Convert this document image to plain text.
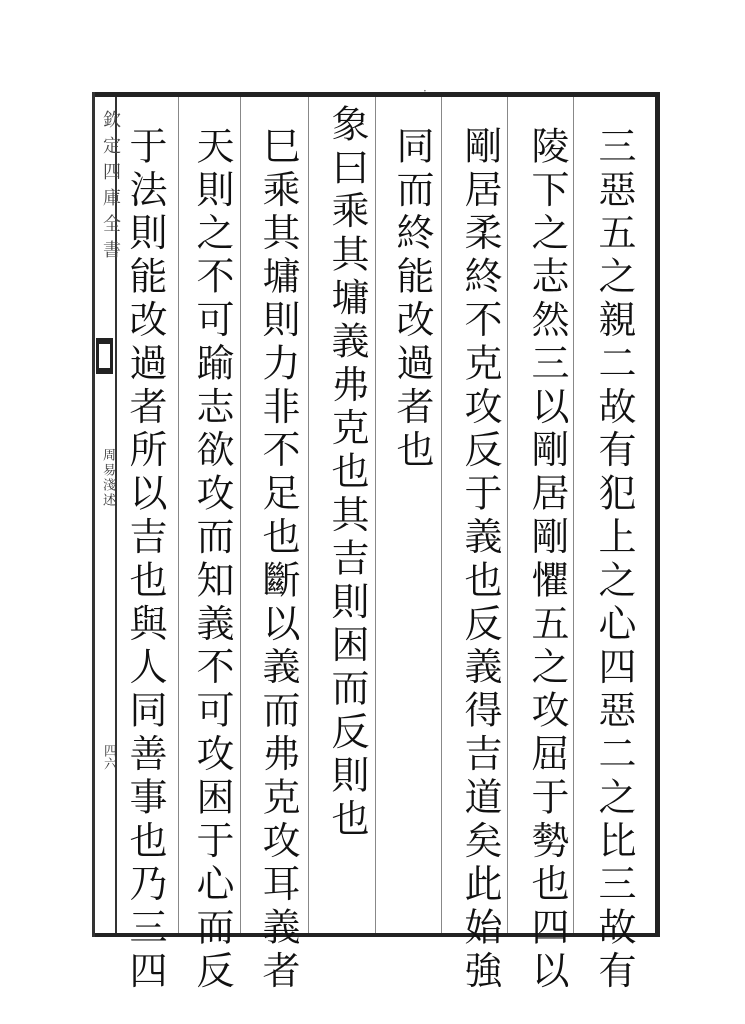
·
欽定四庫全書
周易淺述
四六	三惡五之親二故有犯上之心四惡二之比三故有
陵下之志然三以剛居剛懼五之攻屈于勢也四以
剛居柔終不克攻反于義也反義得吉道矣此始強
同而終能改過者也
象曰乘其墉義弗克也其吉則困而反則也
巳乘其墉則力非不足也斷以義而弗克攻耳義者
天則之不可踰志欲攻而知義不可攻困于心而反
于法則能改過者所以吉也與人同善事也乃三四
